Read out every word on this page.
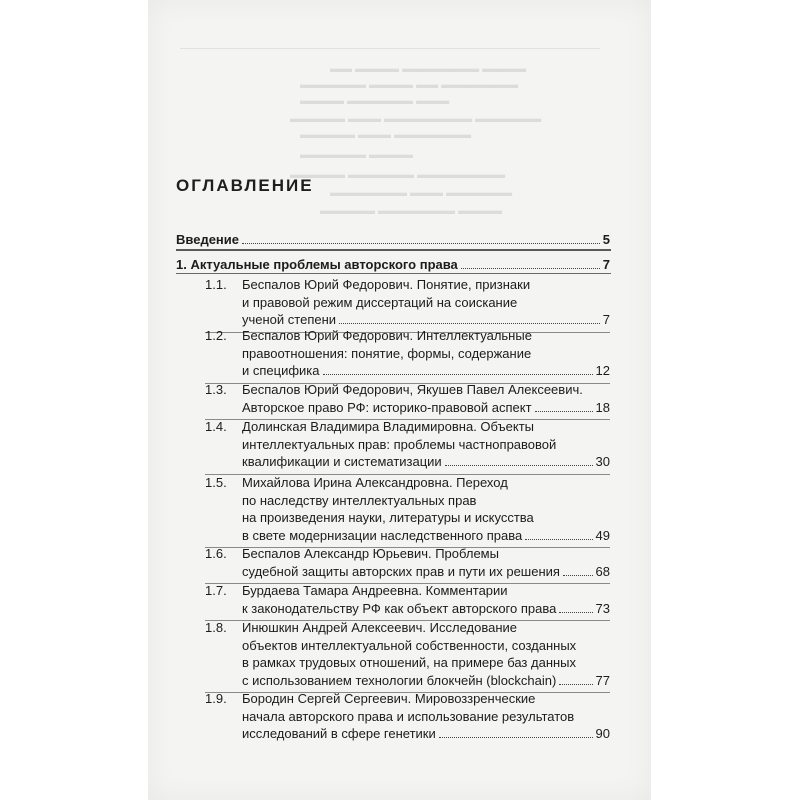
▬▬ ▬▬▬▬ ▬▬▬▬▬▬▬ ▬▬▬▬
▬▬▬▬▬▬ ▬▬▬▬ ▬▬ ▬▬▬▬▬▬▬
▬▬▬▬ ▬▬▬▬▬▬ ▬▬▬
▬▬▬▬▬ ▬▬▬ ▬▬▬▬▬▬▬▬ ▬▬▬▬▬▬
▬▬▬▬▬ ▬▬▬ ▬▬▬▬▬▬▬
▬▬▬▬▬▬ ▬▬▬▬
▬▬▬▬▬ ▬▬▬▬▬▬ ▬▬▬▬▬▬▬▬
▬▬▬▬▬▬▬ ▬▬▬ ▬▬▬▬▬▬
▬▬▬▬▬ ▬▬▬▬▬▬▬ ▬▬▬▬
ОГЛАВЛЕНИЕ
Введение	5
1. Актуальные проблемы авторского права	7
1.1.	Беспалов Юрий Федорович. Понятие, признаки
и правовой режим диссертаций на соискание
ученой степени	7
1.2.	Беспалов Юрий Федорович. Интеллектуальные
правоотношения: понятие, формы, содержание
и специфика	12
1.3.	Беспалов Юрий Федорович, Якушев Павел Алексеевич.
Авторское право РФ: историко-правовой аспект	18
1.4.	Долинская Владимира Владимировна. Объекты
интеллектуальных прав: проблемы частноправовой
квалификации и систематизации	30
1.5.	Михайлова Ирина Александровна. Переход
по наследству интеллектуальных прав
на произведения науки, литературы и искусства
в свете модернизации наследственного права	49
1.6.	Беспалов Александр Юрьевич. Проблемы
судебной защиты авторских прав и пути их решения	68
1.7.	Бурдаева Тамара Андреевна. Комментарии
к законодательству РФ как объект авторского права	73
1.8.	Инюшкин Андрей Алексеевич. Исследование
объектов интеллектуальной собственности, созданных
в рамках трудовых отношений, на примере баз данных
с использованием технологии блокчейн (blockchain)	77
1.9.	Бородин Сергей Сергеевич. Мировоззренческие
начала авторского права и использование результатов
исследований в сфере генетики	90
